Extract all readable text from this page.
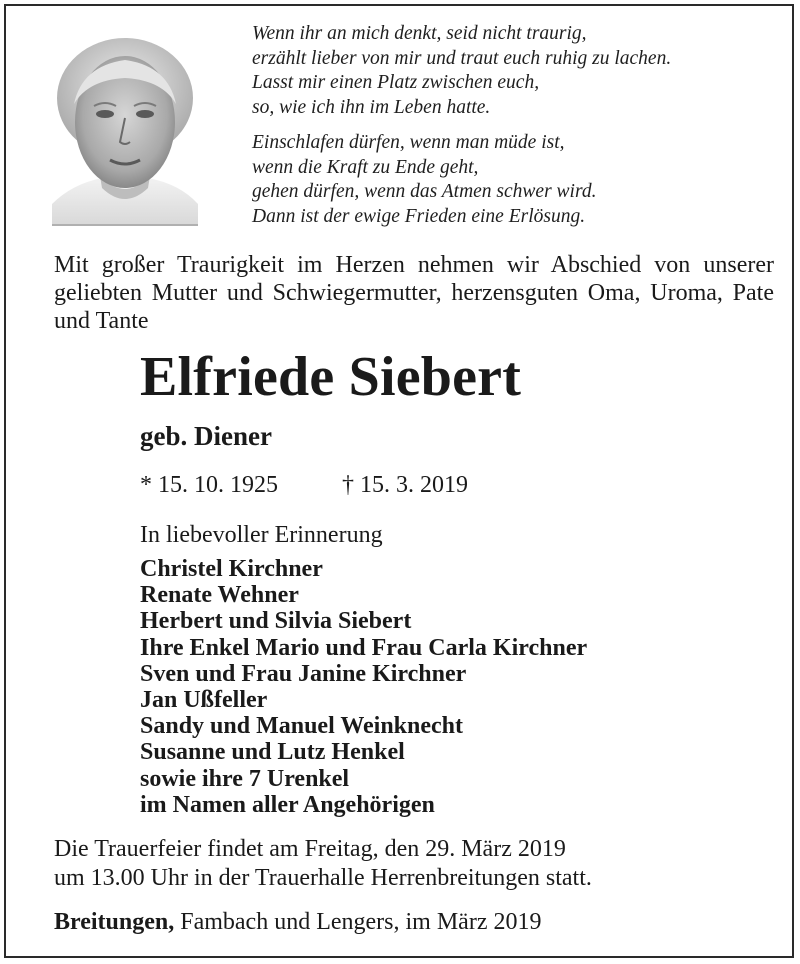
Wenn ihr an mich denkt, seid nicht traurig,
erzählt lieber von mir und traut euch ruhig zu lachen.
Lasst mir einen Platz zwischen euch,
so, wie ich ihn im Leben hatte.

Einschlafen dürfen, wenn man müde ist,
wenn die Kraft zu Ende geht,
gehen dürfen, wenn das Atmen schwer wird.
Dann ist der ewige Frieden eine Erlösung.

Mit großer Traurigkeit im Herzen nehmen wir Abschied von unserer geliebten Mutter und Schwiegermutter, herzensguten Oma, Uroma, Pate und Tante
Elfriede Siebert
geb. Diener
* 15. 10. 1925	† 15. 3. 2019
In liebevoller Erinnerung
Christel Kirchner
Renate Wehner
Herbert und Silvia Siebert
Ihre Enkel Mario und Frau Carla Kirchner
Sven und Frau Janine Kirchner
Jan Ußfeller
Sandy und Manuel Weinknecht
Susanne und Lutz Henkel
sowie ihre 7 Urenkel
im Namen aller Angehörigen
Die Trauerfeier findet am Freitag, den 29. März 2019
um 13.00 Uhr in der Trauerhalle Herrenbreitungen statt.
Breitungen, Fambach und Lengers, im März 2019
